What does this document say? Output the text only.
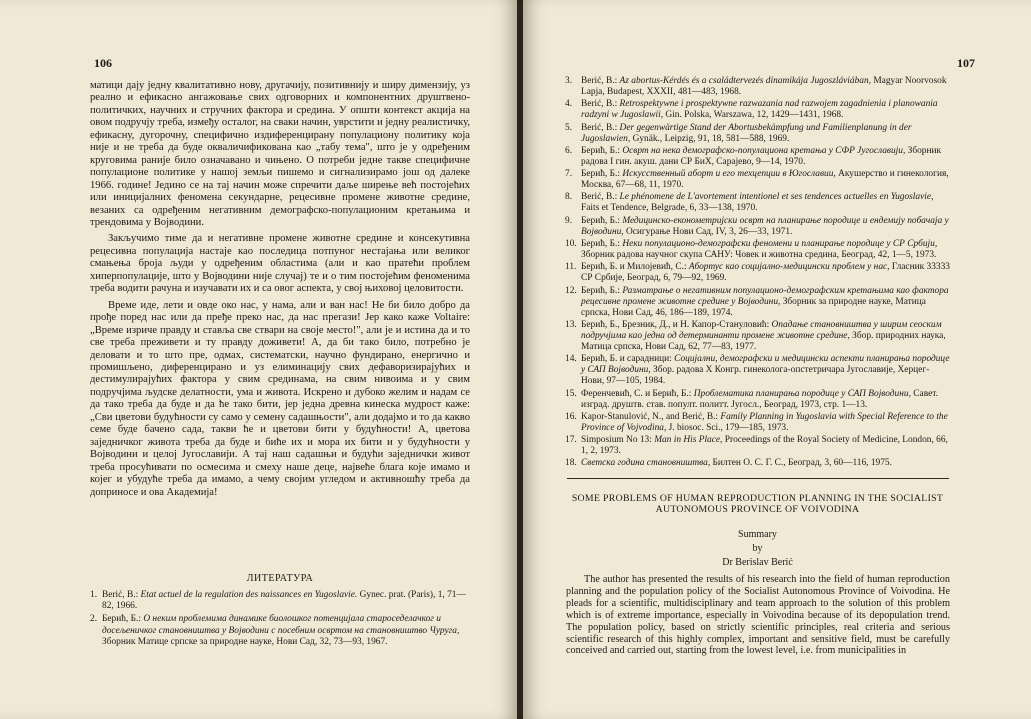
106

матици дају једну квалитативно нову, другачију, позитивнију и ширу димензију, уз реално и ефикасно ангажовање свих одговорних и компонентних друштвено-политичких, научних и стручних фактора и средина. У општи контекст акција на овом подручју треба, између осталог, на сваки начин, уврстити и једну реалистичку, ефикасну, дугорочну, специфично издиференцирану популациону политику која није и не треба да буде окваличификована као „табу тема", што је у одређеним круговима раније било означавано и чињено. О потреби једне такве специфичне популационе политике у нашој земљи пишемо и сигнализирамо још од далеке 1966. године! Једино се на тај начин може спречити даље ширење већ постојећих или иницијалних феномена секундарне, рецесивне промене животне средине, везаних са одређеним негативним демографско-популационим кретањима и трендовима у Војводини.

Закључимо тиме да и негативне промене животне средине и консекутивна рецесивна популација настаје као последица потпуног нестајања или великог смањења броја људи у одређеним областима (али и као пратећи проблем хиперпопулације, што у Војводини није случај) те и о тим постојећим феноменима треба водити рачуна и изучавати их и са овог аспекта, у свој њиховој целовитости.

Време иде, лети и овде око нас, у нама, али и ван нас! Не би било добро да прође поред нас или да пређе преко нас, да нас прегази! Јер како каже Voltaire: „Време изриче правду и ставља све ствари на своје место!", али је и истина да и то све треба преживети и ту правду доживети! А, да би тако било, потребно је деловати и то што пре, одмах, систематски, научно фундирано, енергично и промишљено, диференцирано и уз елиминацију свих дефаворизирајућих и дестимулирајућих фактора у свим срединама, на свим нивоима и у свим подручјима људске делатности, ума и живота. Искрено и дубоко желим и надам се да тако треба да буде и да ће тако бити, јер једна древна кинеска мудрост каже: „Сви цветови будућности су само у семену садашњости", али додајмо и то да какво семе буде бачено сада, такви ће и цветови бити у будућности! А, цветова заједничког живота треба да буде и биће их и мора их бити и у будућности у Војводини и целој Југославији. А тај наш садашњи и будући заједнички живот треба просућивати по осмесима и смеху наше деце, највеће блага које имамо и којег и убудуће треба да имамо, а чему својим угледом и активношћу треба да доприносе и ова Академија!

ЛИТЕРАТУРА
1. Berić, B.: Etat actuel de la regulation des naissances en Yugoslavie. Gynec. prat. (Paris), 1, 71—82, 1966.
2. Берић, Б.: О неким проблемима динамике биолошког потенцијала староседелачког и досељеничког становништва у Војводини с посебним освртом на становништво Чуруга, Зборник Матице српске за природне науке, Нови Сад, 32, 73—93, 1967.
107
3. Berić, B.: Az abortus-Kérdés és a családtervezés dinamikája Jugoszláviában, Magyar Noorvosok Lapja, Budapest, XXXII, 481—483, 1968.
4. Berić, B.: Retrospektywne i prospektywne razwazania nad razwojem zagadnienia i planowania radzyni w Jugoslawii, Gin. Polska, Warszawa, 12, 1429—1431, 1968.
5. Berić, B.: Der gegenwärtige Stand der Abortusbekämpfung und Familienplanung in der Jugoslawien, Gynäk., Leipzig, 91, 18, 581—588, 1969.
6. Берић, Б.: Осврт на нека демографско-популациона кретања у СФР Југославији, Зборник радова I гин. акуш. дани СР БиХ, Сарајево, 9—14, 1970.
7. Берић, Б.: Искусственный аборт и его техцепции в Югославии, Акушерство и гинекология, Москва, 67—68, 11, 1970.
8. Berić, B.: Le phénomene de L'avortement intentionel et ses tendences actuelles en Yugoslavie, Faits et Tendence, Belgrade, 6, 33—138, 1970.
9. Берић, Б.: Медицинско-економетријски осврт на планирање породице и ендемију побачаја у Војводини, Осигурање Нови Сад, IV, 3, 26—33, 1971.
10. Берић, Б.: Неки популационо-демографски феномени и планирање породице у СР Србији, Зборник радова научног скупа САНУ: Човек и животна средина, Београд, 42, 1—5, 1973.
11. Берић, Б. и Милојевић, С.: Абортус као социјално-медицински проблем у нас, Гласник 33333 СР Србије, Београд, 6, 79—92, 1969.
12. Берић, Б.: Разматрање о негативним популационо-демографским кретањима као фактора рецесивне промене животне средине у Војводини, Зборник за природне науке, Матица српска, Нови Сад, 46, 186—189, 1974.
13. Берић, Б., Брезник, Д., и Н. Капор-Стануловић: Опадање становништва у ширим сеоским подручјима као једна од детерминанти промене животне средине, Збор. природних наука, Матица српска, Нови Сад, 62, 77—83, 1977.
14. Берић, Б. и сарадници: Социјални, демографски и медицински аспекти планирања породице у САП Војводини, Збор. радова Х Конгр. гинеколога-опстетричара Југославије, Херцег-Нови, 97—105, 1984.
15. Ференчевић, С. и Берић, Б.: Проблематика планирања породице у САП Војводини, Савет. изград. друштв. став. популт. политт. Југосл., Београд, 1973, стр. 1—13.
16. Kapor-Stanulović, N., and Berić, B.: Family Planning in Yugoslavia with Special Reference to the Province of Vojvodina, J. biosoc. Sci., 179—185, 1973.
17. Simposium No 13: Man in His Place, Proceedings of the Royal Society of Medicine, London, 66, 1, 2, 1973.
18. Светска година становништва, Билтен О. С. Г. С., Београд, 3, 60—116, 1975.
SOME PROBLEMS OF HUMAN REPRODUCTION PLANNING IN THE SOCIALIST AUTONOMOUS PROVINCE OF VOIVODINA
Summary
by
Dr Berislav Berić

The author has presented the results of his research into the field of human reproduction planning and the population policy of the Socialist Autonomous Province of Voivodina. He pleads for a scientific, multidisciplinary and team approach to the solution of this problem which is of extreme importance, especially in Voivodina because of its depopulation trend. The population policy, based on strictly scientific principles, real criteria and serious scientific research of this highly complex, important and sensitive field, must be carefully conceived and carried out, starting from the lowest level, i.e. from municipalities in
